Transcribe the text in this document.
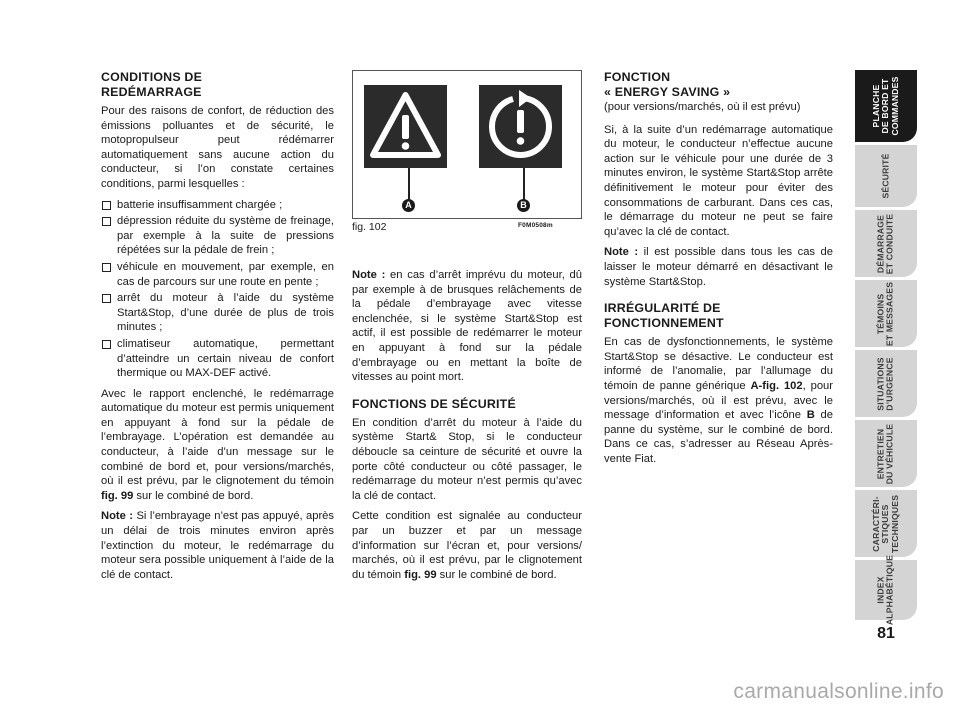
CONDITIONS DE
REDÉMARRAGE

Pour des raisons de confort, de réduction des émissions polluantes et de sécurité, le motopropulseur peut rédémarrer automatiquement sans aucune action du conducteur, si l’on constate certaines conditions, parmi lesquelles :

batterie insuffisamment chargée ;
dépression réduite du système de freinage, par exemple à la suite de pressions répétées sur la pédale de frein ;
véhicule en mouvement, par exemple, en cas de parcours sur une route en pente ;
arrêt du moteur à l’aide du système Start&Stop, d’une durée de plus de trois minutes ;
climatiseur automatique, permettant d’atteindre un certain niveau de confort thermique ou MAX-DEF activé.

Avec le rapport enclenché, le redémarrage automatique du moteur est permis uniquement en appuyant à fond sur la pédale de l’embrayage. L’opération est demandée au conducteur, à l’aide d’un message sur le combiné de bord et, pour versions/marchés, où il est prévu, par le clignotement du témoin fig. 99 sur le combiné de bord.

Note : Si l’embrayage n’est pas appuyé, après un délai de trois minutes environ après l’extinction du moteur, le redémarrage du moteur sera possible uniquement à l’aide de la clé de contact.

A	B
fig. 102	F0M0508m

Note : en cas d’arrêt imprévu du moteur, dû par exemple à de brusques relâchements de la pédale d’embrayage avec vitesse enclenchée, si le système Start&Stop est actif, il est possible de redémarrer le moteur en appuyant à fond sur la pédale d’embrayage ou en mettant la boîte de vitesses au point mort.

FONCTIONS DE SÉCURITÉ

En condition d’arrêt du moteur à l’aide du système Start& Stop, si le conducteur déboucle sa ceinture de sécurité et ouvre la porte côté conducteur ou côté passager, le redémarrage du moteur n’est permis qu’avec la clé de contact.

Cette condition est signalée au conducteur par un buzzer et par un message d’information sur l’écran et, pour versions/ marchés, où il est prévu, par le clignotement du témoin fig. 99 sur le combiné de bord.

FONCTION
« ENERGY SAVING »
(pour versions/marchés, où il est prévu)

Si, à la suite d’un redémarrage automatique du moteur, le conducteur n’effectue aucune action sur le véhicule pour une durée de 3 minutes environ, le système Start&Stop arrête définitivement le moteur pour éviter des consommations de carburant. Dans ces cas, le démarrage du moteur ne peut se faire qu’avec la clé de contact.

Note : il est possible dans tous les cas de laisser le moteur démarré en désactivant le système Start&Stop.

IRRÉGULARITÉ DE
FONCTIONNEMENT

En cas de dysfonctionnements, le système Start&Stop se désactive. Le conducteur est informé de l’anomalie, par l’allumage du témoin de panne générique A-fig. 102, pour versions/marchés, où il est prévu, avec le message d’information et avec l’icône B de panne du système, sur le combiné de bord. Dans ce cas, s’adresser au Réseau Après-vente Fiat.

PLANCHE
DE BORD ET
COMMANDES
SÉCURITÉ
DÉMARRAGE
ET CONDUITE
TÉMOINS
ET MESSAGES
SITUATIONS
D’URGENCE
ENTRETIEN
DU VÉHICULE
CARACTÉRI-
STIQUES
TECHNIQUES
INDEX
ALPHABÉTIQUE
81
carmanualsonline.info
